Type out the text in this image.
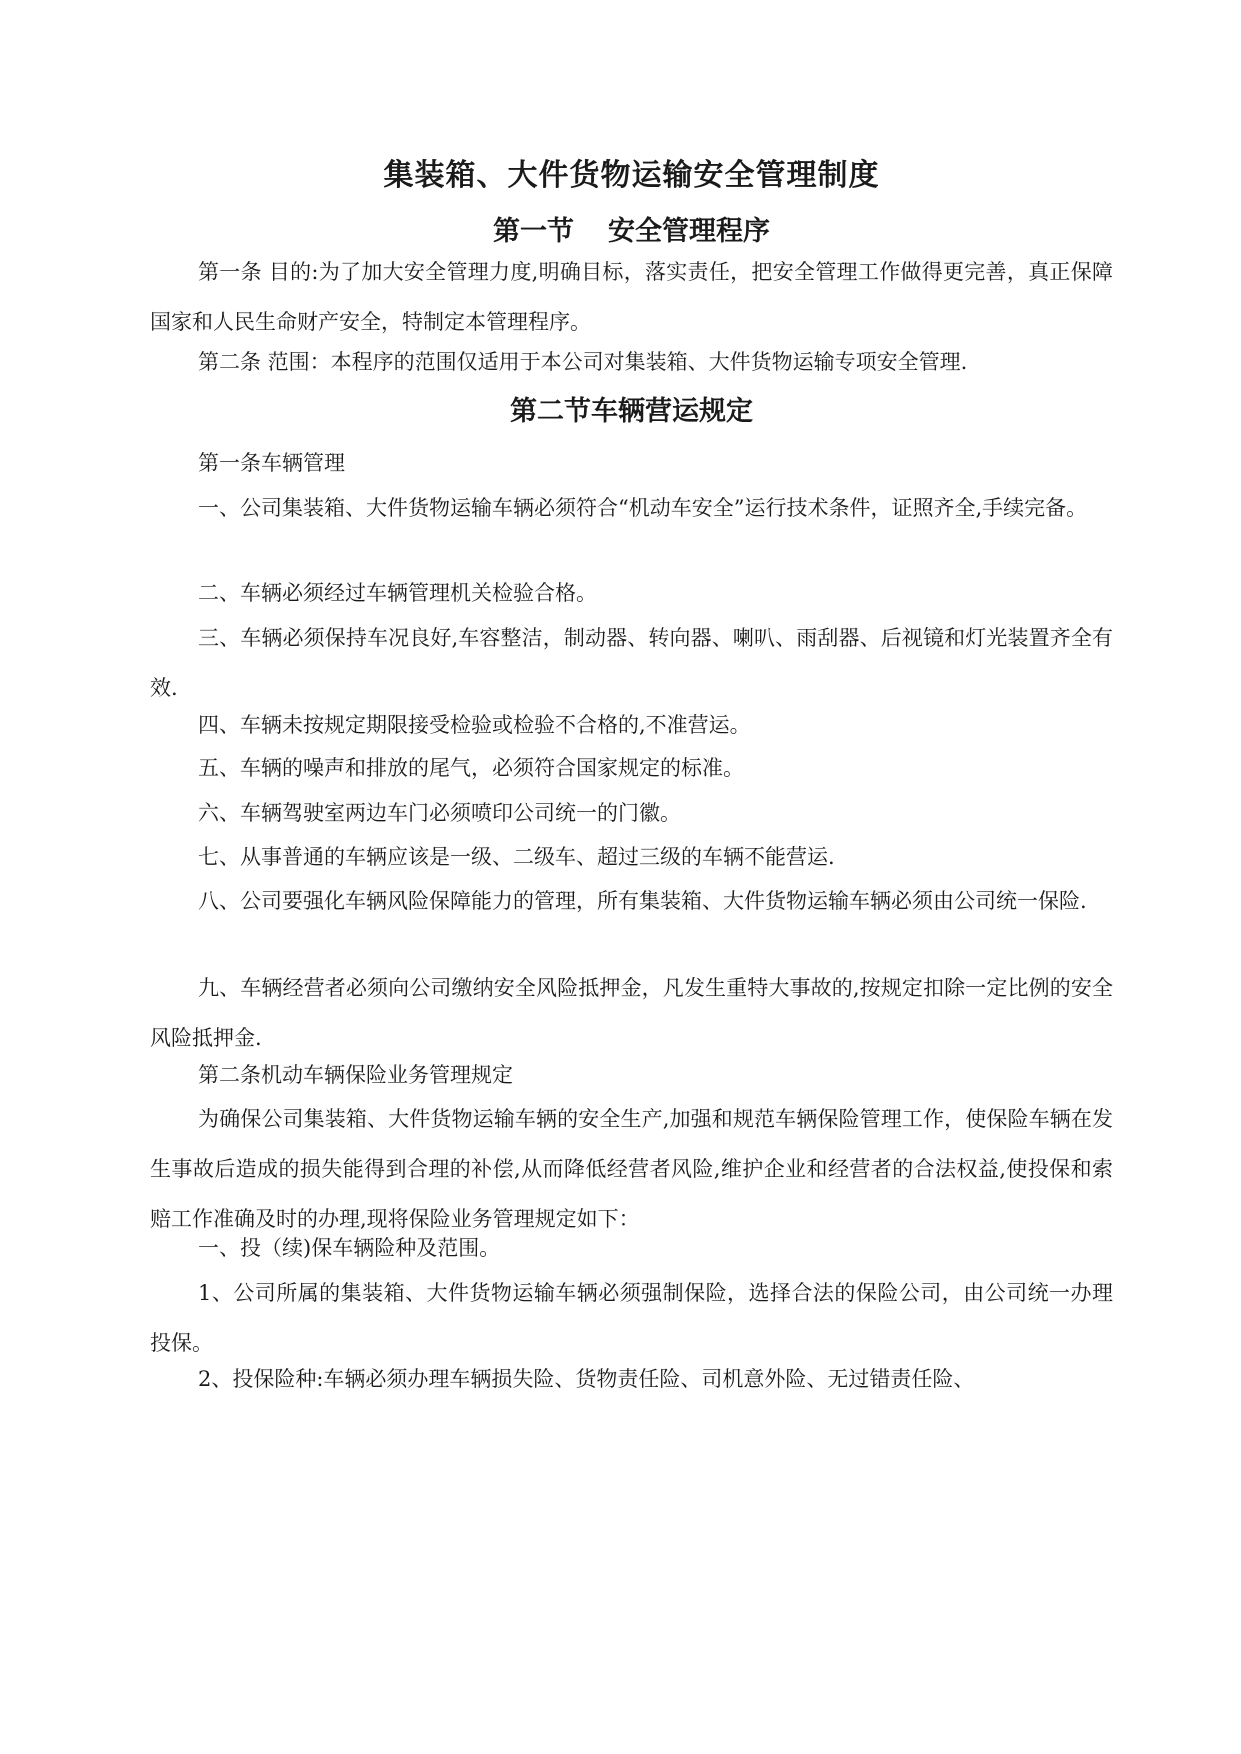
集装箱、大件货物运输安全管理制度
第一节 安全管理程序

第一条 目的:为了加大安全管理力度,明确目标，落实责任，把安全管理工作做得更完善，真正保障国家和人民生命财产安全，特制定本管理程序。

第二条 范围：本程序的范围仅适用于本公司对集装箱、大件货物运输专项安全管理.

第二节车辆营运规定

第一条车辆管理

一、公司集装箱、大件货物运输车辆必须符合“机动车安全”运行技术条件，证照齐全,手续完备。

二、车辆必须经过车辆管理机关检验合格。

三、车辆必须保持车况良好,车容整洁，制动器、转向器、喇叭、雨刮器、后视镜和灯光装置齐全有效.

四、车辆未按规定期限接受检验或检验不合格的,不准营运。

五、车辆的噪声和排放的尾气，必须符合国家规定的标准。

六、车辆驾驶室两边车门必须喷印公司统一的门徽。

七、从事普通的车辆应该是一级、二级车、超过三级的车辆不能营运.

八、公司要强化车辆风险保障能力的管理，所有集装箱、大件货物运输车辆必须由公司统一保险.

九、车辆经营者必须向公司缴纳安全风险抵押金，凡发生重特大事故的,按规定扣除一定比例的安全风险抵押金.

第二条机动车辆保险业务管理规定

为确保公司集装箱、大件货物运输车辆的安全生产,加强和规范车辆保险管理工作，使保险车辆在发生事故后造成的损失能得到合理的补偿,从而降低经营者风险,维护企业和经营者的合法权益,使投保和索赔工作准确及时的办理,现将保险业务管理规定如下：

一、投（续)保车辆险种及范围。

1、公司所属的集装箱、大件货物运输车辆必须强制保险，选择合法的保险公司，由公司统一办理投保。

2、投保险种:车辆必须办理车辆损失险、货物责任险、司机意外险、无过错责任险、
